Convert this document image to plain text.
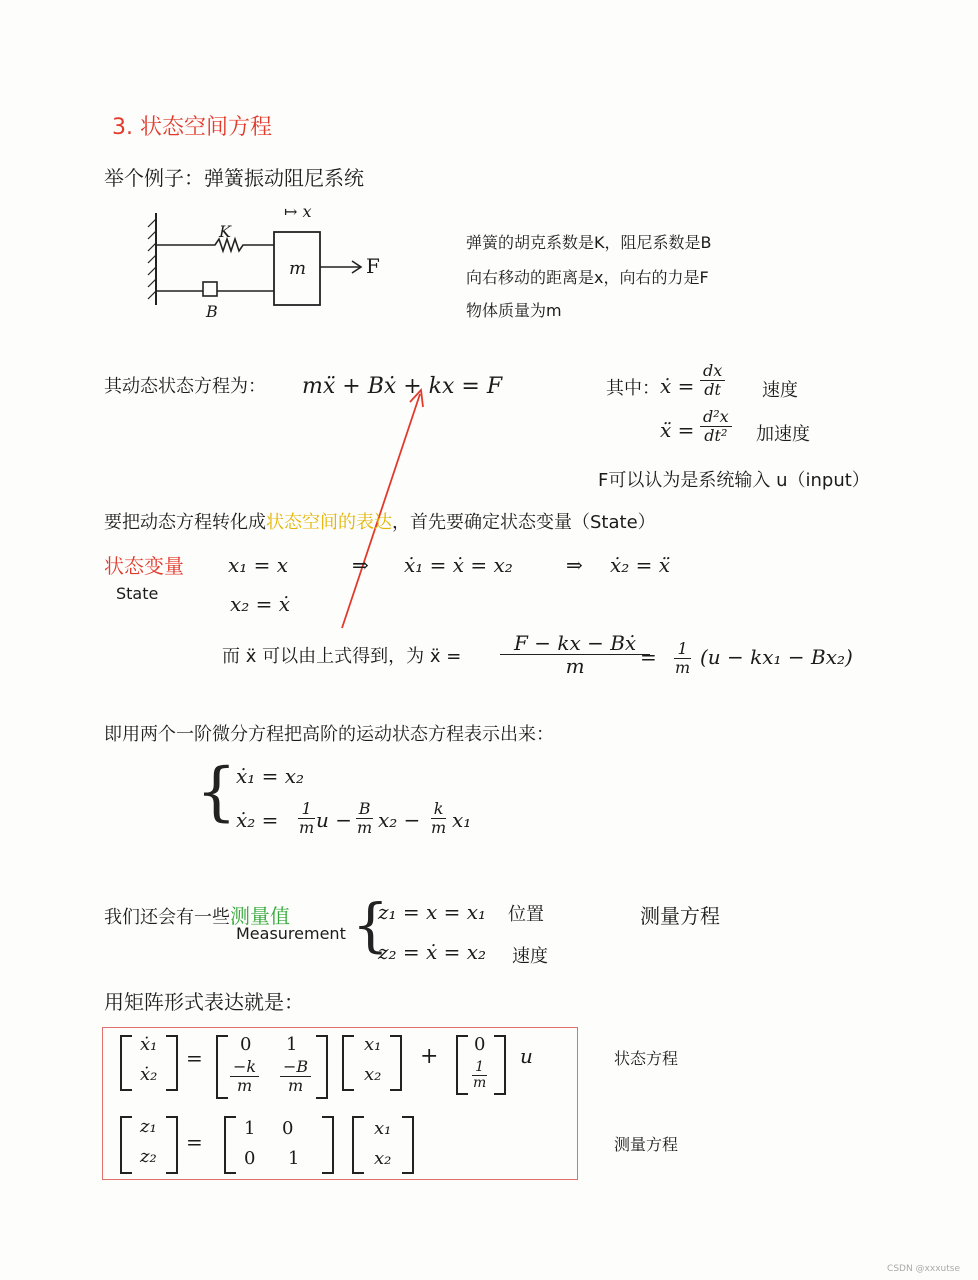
3. 状态空间方程
举个例子：弹簧振动阻尼系统
K
B
m	F
↦ x
弹簧的胡克系数是K，阻尼系数是B
向右移动的距离是x，向右的力是F
物体质量为m
其动态状态方程为： mẍ + Bẋ + kx = F	其中： ẋ = $\frac{dx}{dt}$ 速度
ẍ = $\frac{\text{d²x}}{\text{dt²}}$ 加速度
F可以认为是系统输入 u（input）
要把动态方程转化成状态空间的表达，首先要确定状态变量（State）
状态变量
State
x₁ = x
x₂ = ẋ
⇒ ẋ₁ = ẋ = x₂	⇒ ẋ₂ = ẍ
而 ẍ 可以由上式得到，为 ẍ = $\frac{\text{F − kx − Bẋ}}{m}$
= $\frac{1}{m} (u - kx_1 - Bx_2)$
即用两个一阶微分方程把高阶的运动状态方程表示出来：
{ ẋ₁ = x₂
ẋ₂ = $\frac{1}{m}$
$u - \frac{B}{m} x_2 - \frac{k}{m} x_1$
我们还会有一些测量值
Measurement {
z₁ = x = x₁ 位置
z₂ = ẋ = x₂ 速度
测量方程
用矩阵形式表达就是：
ẋ₁
ẋ₂
=
0 1
$\frac{-k}{m} \frac{-B}{m}$
x₁
x₂
+ 0
$\frac{1}{m}$
u	状态方程
z₁
z₂
=
1 0
0 1
x₁
x₂
测量方程
CSDN @xxxutse
